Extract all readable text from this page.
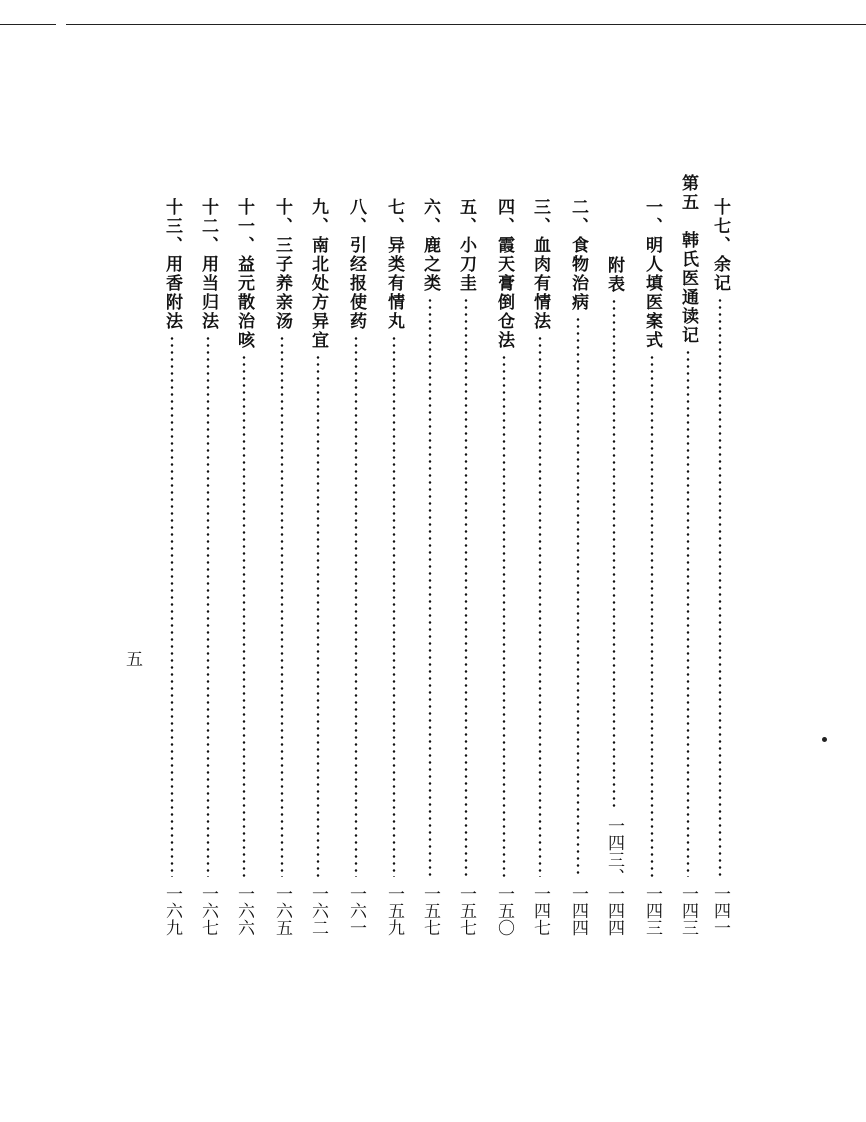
十七、余记
一四一
第五　韩氏医通读记
一四三
一、明人填医案式
一四三
附表
一四三、一四四
二、食物治病
一四四
三、血肉有情法
一四七
四、霞天膏倒仓法
一五〇
五、小刀圭
一五七
六、鹿之类
一五七
七、异类有情丸
一五九
八、引经报使药
一六一
九、南北处方异宜
一六二
十、三子养亲汤
一六五
十一、益元散治咳
一六六
十二、用当归法
一六七
十三、用香附法
一六九
五
